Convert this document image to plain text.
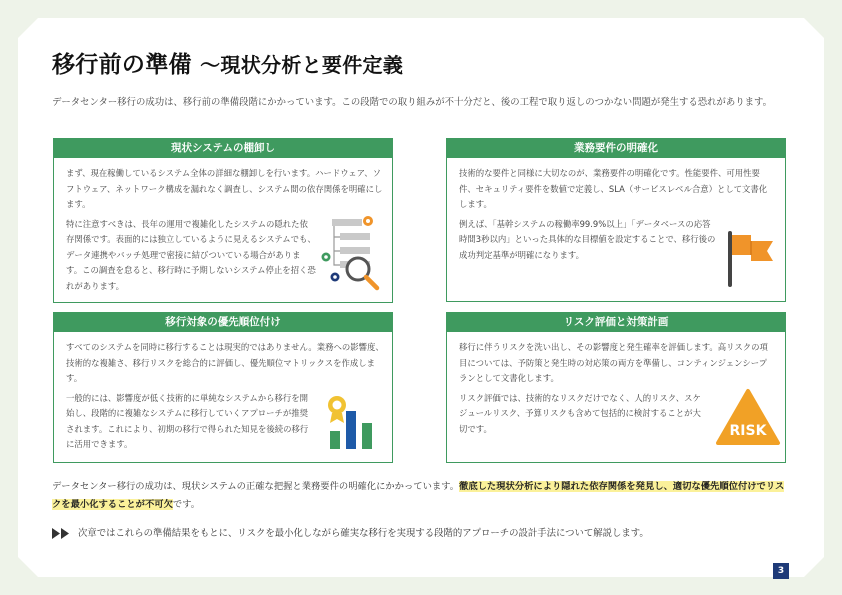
移行前の準備 ～現状分析と要件定義

データセンター移行の成功は、移行前の準備段階にかかっています。この段階での取り組みが不十分だと、後の工程で取り返しのつかない問題が発生する恐れがあります。

現状システムの棚卸し

まず、現在稼働しているシステム全体の詳細な棚卸しを行います。ハードウェア、ソフトウェア、ネットワーク構成を漏れなく調査し、システム間の依存関係を明確にします。

特に注意すべきは、長年の運用で複雑化したシステムの隠れた依存関係です。表面的には独立しているように見えるシステムでも、データ連携やバッチ処理で密接に結びついている場合があります。この調査を怠ると、移行時に予期しないシステム停止を招く恐れがあります。

業務要件の明確化

技術的な要件と同様に大切なのが、業務要件の明確化です。性能要件、可用性要件、セキュリティ要件を数値で定義し、SLA（サービスレベル合意）として文書化します。

例えば、「基幹システムの稼働率99.9%以上」「データベースの応答時間3秒以内」といった具体的な目標値を設定することで、移行後の成功判定基準が明確になります。

移行対象の優先順位付け

すべてのシステムを同時に移行することは現実的ではありません。業務への影響度、技術的な複雑さ、移行リスクを総合的に評価し、優先順位マトリックスを作成します。

一般的には、影響度が低く技術的に単純なシステムから移行を開始し、段階的に複雑なシステムに移行していくアプローチが推奨されます。これにより、初期の移行で得られた知見を後続の移行に活用できます。

リスク評価と対策計画

移行に伴うリスクを洗い出し、その影響度と発生確率を評価します。高リスクの項目については、予防策と発生時の対応策の両方を準備し、コンティンジェンシープランとして文書化します。

リスク評価では、技術的なリスクだけでなく、人的リスク、スケジュールリスク、予算リスクも含めて包括的に検討することが大切です。	RISK

データセンター移行の成功は、現状システムの正確な把握と業務要件の明確化にかかっています。徹底した現状分析により隠れた依存関係を発見し、適切な優先順位付けでリスクを最小化することが不可欠です。

次章ではこれらの準備結果をもとに、リスクを最小化しながら確実な移行を実現する段階的アプローチの設計手法について解説します。
3
